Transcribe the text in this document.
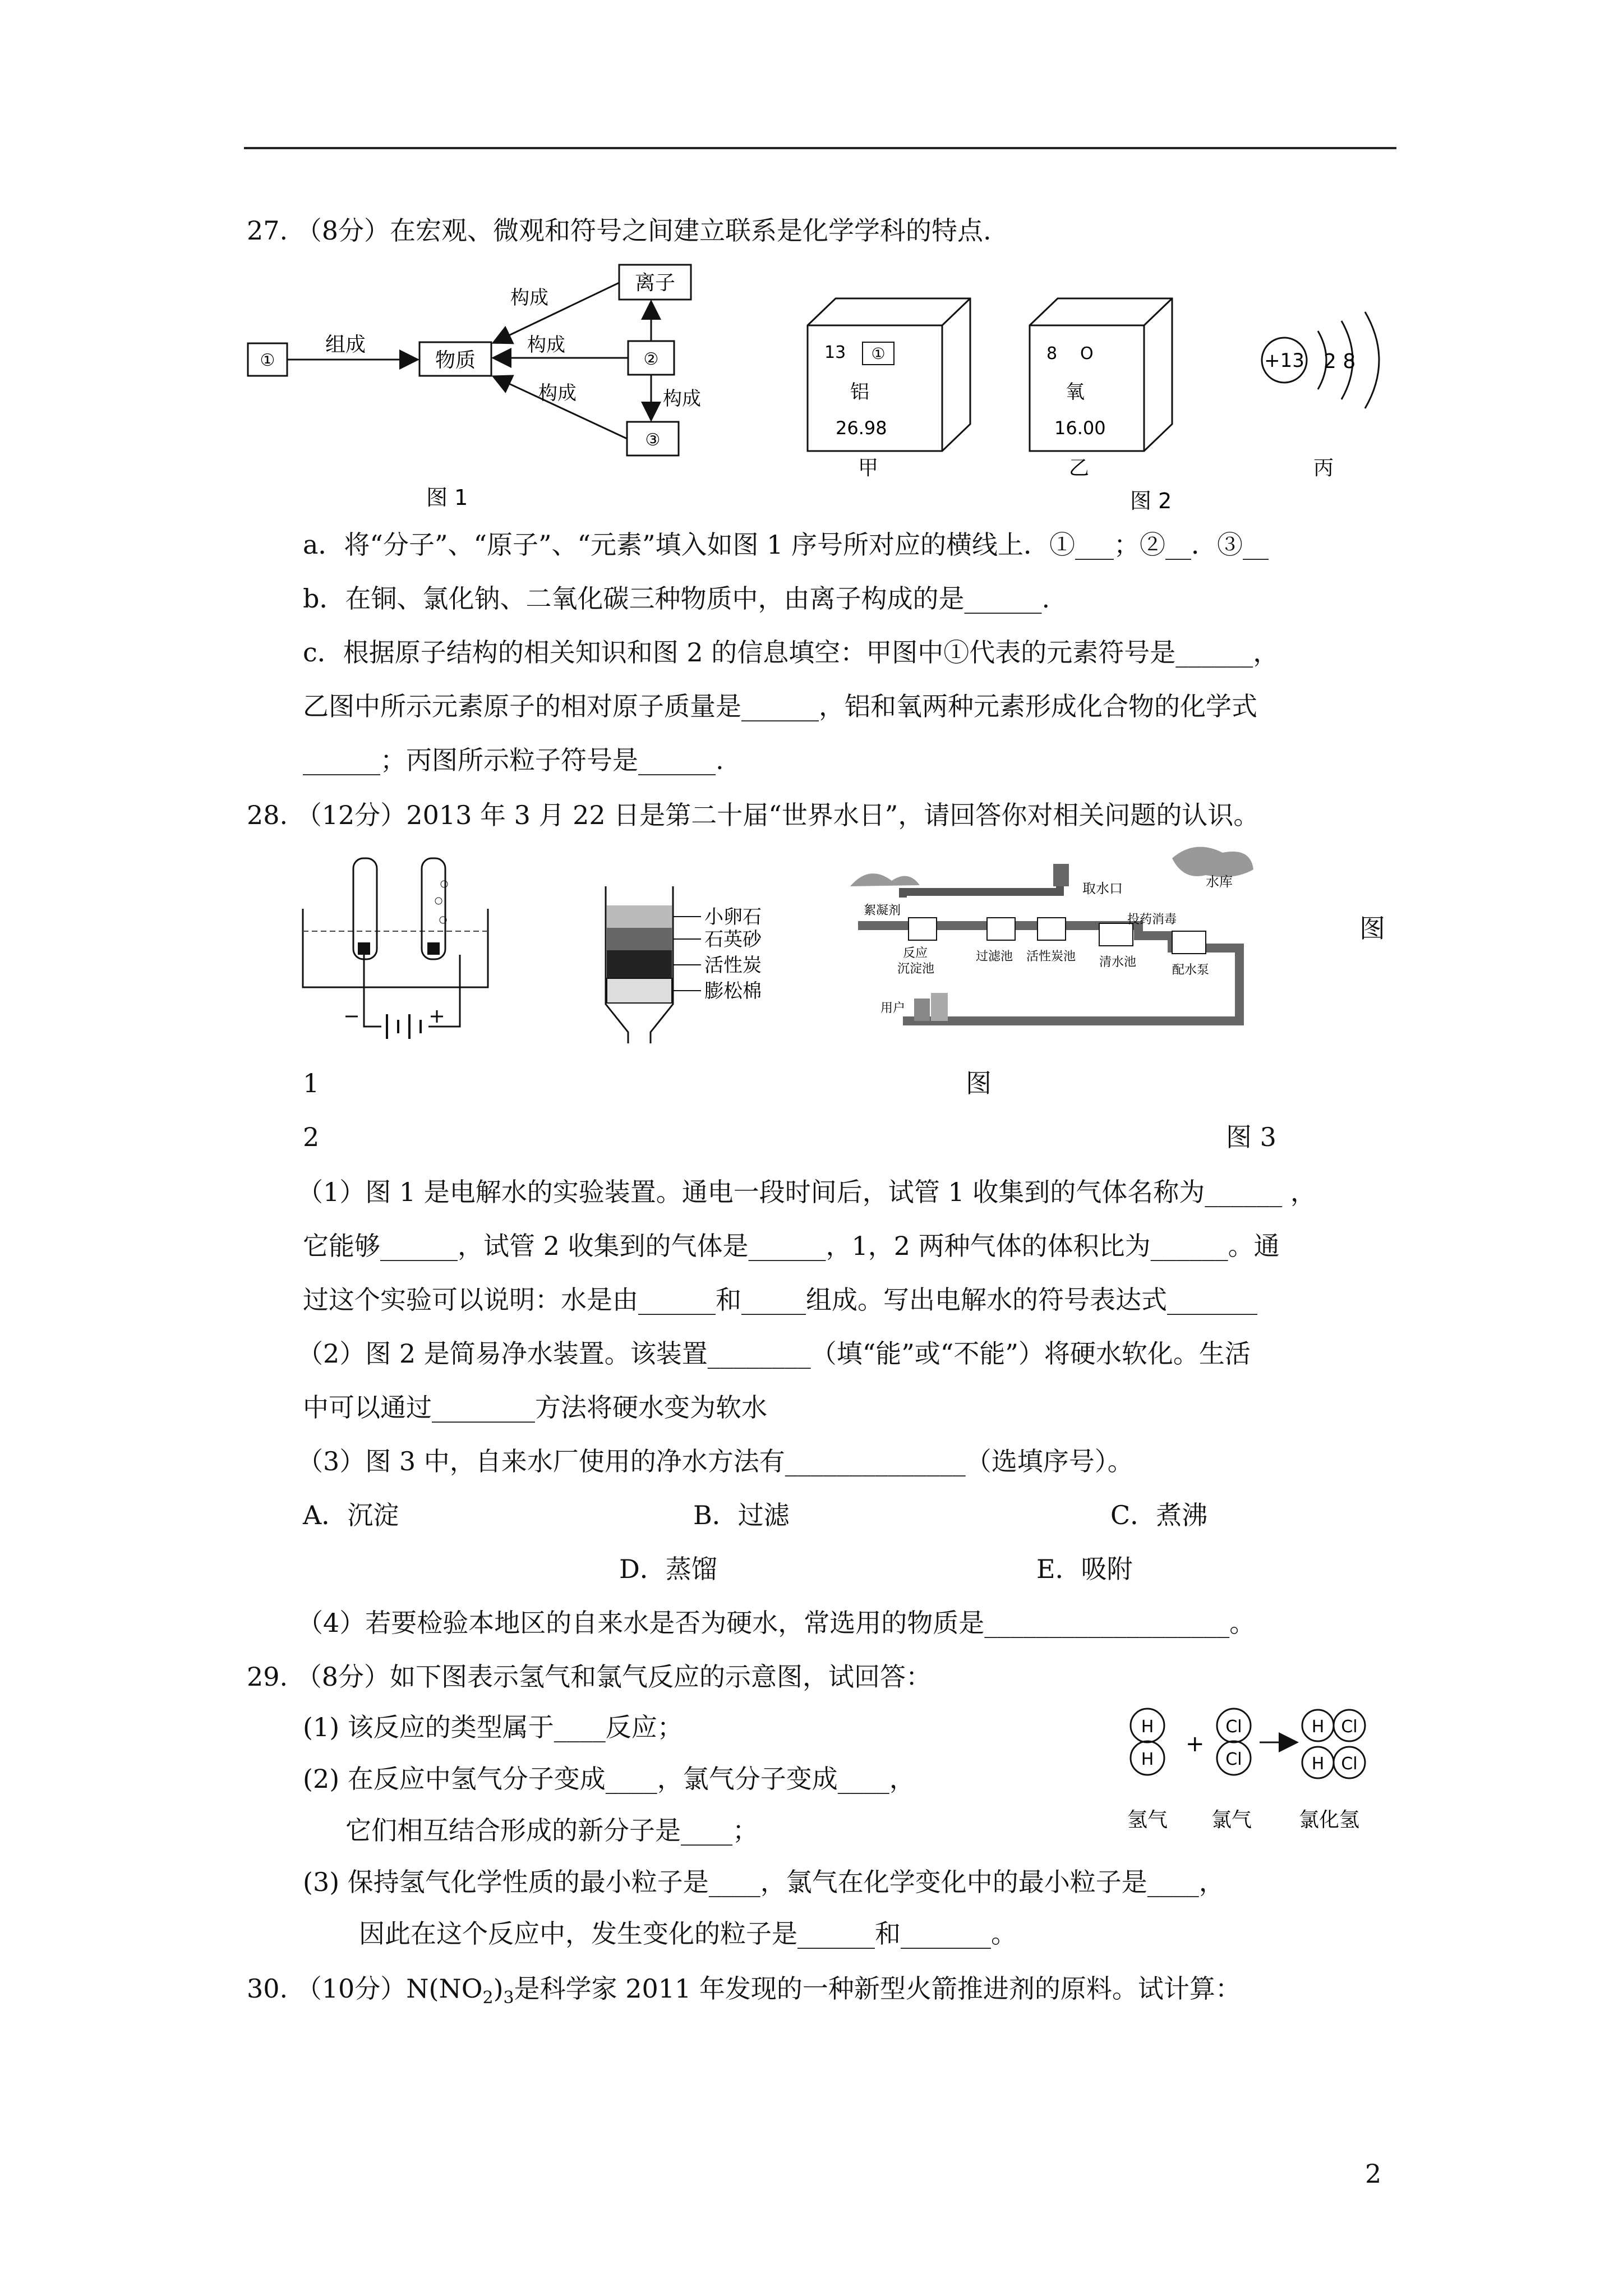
27. （8分）在宏观、微观和符号之间建立联系是化学学科的特点.
①	物质
离子
②
③
组成
构成
构成
构成
构成
图 1
13 ①
铝
26.98
甲
8 O
氧
16.00
乙
+13 2 8
丙
图 2
a．将“分子”、“原子”、“元素”填入如图 1 序号所对应的横线上．①___；②__．③__
b．在铜、氯化钠、二氧化碳三种物质中，由离子构成的是______.
c．根据原子结构的相关知识和图 2 的信息填空：甲图中①代表的元素符号是______，
乙图中所示元素原子的相对原子质量是______，铝和氧两种元素形成化合物的化学式
______；丙图所示粒子符号是______.
28. （12分）2013 年 3 月 22 日是第二十届“世界水日”，请回答你对相关问题的认识。
小卵石
石英砂
活性炭
膨松棉
取水口	水库
絮凝剂
反应
沉淀池
过滤池 活性炭池
投药消毒
清水池
配水泵
用户
图
1	图
2	图 3
（1）图 1 是电解水的实验装置。通电一段时间后，试管 1 收集到的气体名称为______ ，
它能够______，试管 2 收集到的气体是______，1，2 两种气体的体积比为______。通
过这个实验可以说明：水是由______和_____组成。写出电解水的符号表达式_______
（2）图 2 是简易净水装置。该装置________（填“能”或“不能”）将硬水软化。生活
中可以通过________方法将硬水变为软水
（3）图 3 中，自来水厂使用的净水方法有______________（选填序号）。
A．沉淀	B．过滤	C．煮沸
D．蒸馏	E．吸附
（4）若要检验本地区的自来水是否为硬水，常选用的物质是___________________。
29. （8分）如下图表示氢气和氯气反应的示意图，试回答：
(1) 该反应的类型属于____反应；
(2) 在反应中氢气分子变成____，氯气分子变成____，
它们相互结合形成的新分子是____；
(3) 保持氢气化学性质的最小粒子是____，氯气在化学变化中的最小粒子是____，
因此在这个反应中，发生变化的粒子是______和_______。
H
H
+
Cl
Cl
H Cl
H Cl
氢气 氯气 氯化氢
30. （10分）$N(NO_2)_3$是科学家 2011 年发现的一种新型火箭推进剂的原料。试计算：
2
